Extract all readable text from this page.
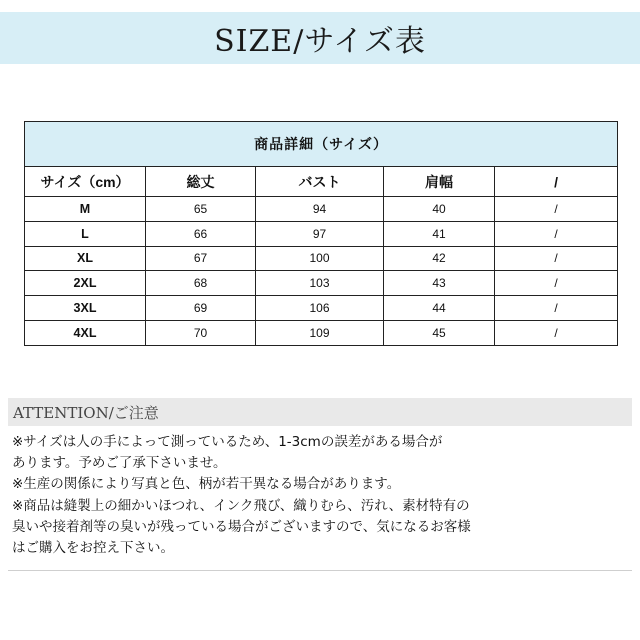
SIZE/サイズ表
商品詳細（サイズ）				
サイズ（cm）	総丈	バスト	肩幅	/
M	65	94	40	/
L	66	97	41	/
XL	67	100	42	/
2XL	68	103	43	/
3XL	69	106	44	/
4XL	70	109	45	/
ATTENTION/ご注意
※サイズは人の手によって測っているため、1-3cmの誤差がある場合が
あります。予めご了承下さいませ。
※生産の関係により写真と色、柄が若干異なる場合があります。
※商品は縫製上の細かいほつれ、インク飛び、織りむら、汚れ、素材特有の
臭いや接着剤等の臭いが残っている場合がございますので、気になるお客様
はご購入をお控え下さい。
